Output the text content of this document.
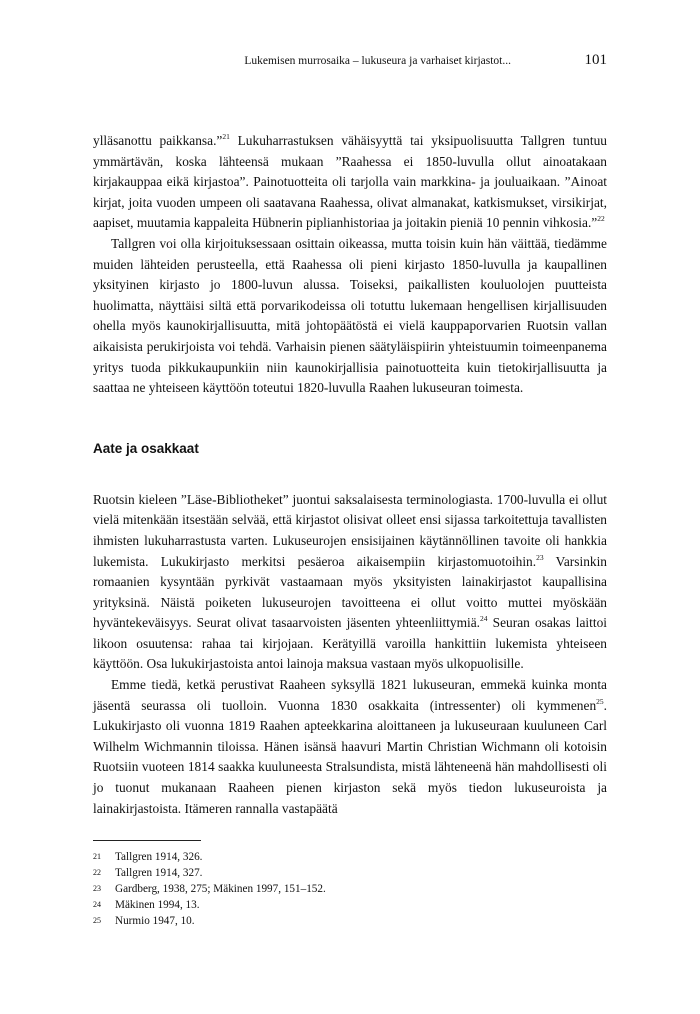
Lukemisen murrosaika – lukuseura ja varhaiset kirjastot...	101

ylläsanottu paikkansa.”$^{21}$ Lukuharrastuksen vähäisyyttä tai yksipuolisuutta Tallgren tuntuu ymmärtävän, koska lähteensä mukaan ”Raahessa ei 1850-luvulla ollut ainoatakaan kirjakauppaa eikä kirjastoa”. Painotuotteita oli tarjolla vain markkina- ja jouluaikaan. ”Ainoat kirjat, joita vuoden umpeen oli saatavana Raahessa, olivat almanakat, katkismukset, virsikirjat, aapiset, muutamia kappaleita Hübnerin piplianhistoriaa ja joitakin pieniä 10 pennin vihkosia.”$^{22}$

Tallgren voi olla kirjoituksessaan osittain oikeassa, mutta toisin kuin hän väittää, tiedämme muiden lähteiden perusteella, että Raahessa oli pieni kirjasto 1850-luvulla ja kaupallinen yksityinen kirjasto jo 1800-luvun alussa. Toiseksi, paikallisten kouluolojen puutteista huolimatta, näyttäisi siltä että porvarikodeissa oli totuttu lukemaan hengellisen kirjallisuuden ohella myös kaunokirjallisuutta, mitä johtopäätöstä ei vielä kauppaporvarien Ruotsin vallan aikaisista perukirjoista voi tehdä. Varhaisin pienen säätyläispiirin yhteistuumin toimeenpanema yritys tuoda pikkukaupunkiin niin kaunokirjallisia painotuotteita kuin tietokirjallisuutta ja saattaa ne yhteiseen käyttöön toteutui 1820-luvulla Raahen lukuseuran toimesta.

Aate ja osakkaat

Ruotsin kieleen ”Läse-Bibliotheket” juontui saksalaisesta terminologiasta. 1700-luvulla ei ollut vielä mitenkään itsestään selvää, että kirjastot olisivat olleet ensi sijassa tarkoitettuja tavallisten ihmisten lukuharrastusta varten. Lukuseurojen ensisijainen käytännöllinen tavoite oli hankkia lukemista. Lukukirjasto merkitsi pesäeroa aikaisempiin kirjastomuotoihin.$^{23}$ Varsinkin romaanien kysyntään pyrkivät vastaamaan myös yksityisten lainakirjastot kaupallisina yrityksinä. Näistä poiketen lukuseurojen tavoitteena ei ollut voitto muttei myöskään hyväntekeväisyys. Seurat olivat tasaarvoisten jäsenten yhteenliittymiä.$^{24}$ Seuran osakas laittoi likoon osuutensa: rahaa tai kirjojaan. Kerätyillä varoilla hankittiin lukemista yhteiseen käyttöön. Osa lukukirjastoista antoi lainoja maksua vastaan myös ulkopuolisille.

Emme tiedä, ketkä perustivat Raaheen syksyllä 1821 lukuseuran, emmekä kuinka monta jäsentä seurassa oli tuolloin. Vuonna 1830 osakkaita (intressenter) oli kymmenen$^{25}$. Lukukirjasto oli vuonna 1819 Raahen apteekkarina aloittaneen ja lukuseuraan kuuluneen Carl Wilhelm Wichmannin tiloissa. Hänen isänsä haavuri Martin Christian Wichmann oli kotoisin Ruotsiin vuoteen 1814 saakka kuuluneesta Stralsundista, mistä lähteneenä hän mahdollisesti oli jo tuonut mukanaan Raaheen pienen kirjaston sekä myös tiedon lukuseuroista ja lainakirjastoista. Itämeren rannalla vastapäätä

21	Tallgren 1914, 326.
22	Tallgren 1914, 327.
23	Gardberg, 1938, 275; Mäkinen 1997, 151–152.
24	Mäkinen 1994, 13.
25	Nurmio 1947, 10.
